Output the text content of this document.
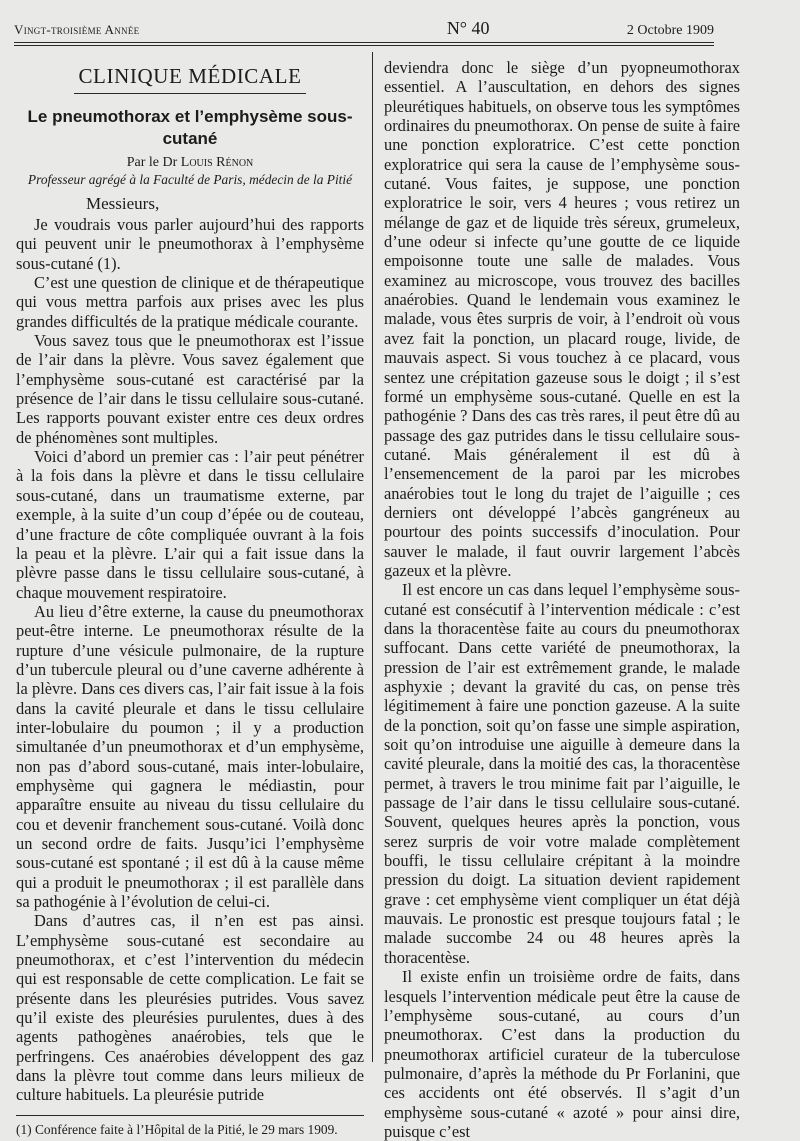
Vingt-troisième Année	N° 40	2 Octobre 1909
CLINIQUE MÉDICALE
Le pneumothorax et l’emphysème sous-cutané
Par le Dr Louis Rénon
Professeur agrégé à la Faculté de Paris, médecin de la Pitié

Messieurs,

Je voudrais vous parler aujourd’hui des rapports qui peuvent unir le pneumothorax à l’emphysème sous-cutané (1).

C’est une question de clinique et de thérapeutique qui vous mettra parfois aux prises avec les plus grandes difficultés de la pratique médicale courante.

Vous savez tous que le pneumothorax est l’issue de l’air dans la plèvre. Vous savez également que l’emphysème sous-cutané est caractérisé par la présence de l’air dans le tissu cellulaire sous-cutané. Les rapports pouvant exister entre ces deux ordres de phénomènes sont multiples.

Voici d’abord un premier cas : l’air peut pénétrer à la fois dans la plèvre et dans le tissu cellulaire sous-cutané, dans un traumatisme externe, par exemple, à la suite d’un coup d’épée ou de couteau, d’une fracture de côte compliquée ouvrant à la fois la peau et la plèvre. L’air qui a fait issue dans la plèvre passe dans le tissu cellulaire sous-cutané, à chaque mouvement respiratoire.

Au lieu d’être externe, la cause du pneumothorax peut-être interne. Le pneumothorax résulte de la rupture d’une vésicule pulmonaire, de la rupture d’un tubercule pleural ou d’une caverne adhérente à la plèvre. Dans ces divers cas, l’air fait issue à la fois dans la cavité pleurale et dans le tissu cellulaire inter-lobulaire du poumon ; il y a production simultanée d’un pneumothorax et d’un emphysème, non pas d’abord sous-cutané, mais inter-lobulaire, emphysème qui gagnera le médiastin, pour apparaître ensuite au niveau du tissu cellulaire du cou et devenir franchement sous-cutané. Voilà donc un second ordre de faits. Jusqu’ici l’emphysème sous-cutané est spontané ; il est dû à la cause même qui a produit le pneumothorax ; il est parallèle dans sa pathogénie à l’évolution de celui-ci.

Dans d’autres cas, il n’en est pas ainsi. L’emphysème sous-cutané est secondaire au pneumothorax, et c’est l’intervention du médecin qui est responsable de cette complication. Le fait se présente dans les pleurésies putrides. Vous savez qu’il existe des pleurésies purulentes, dues à des agents pathogènes anaérobies, tels que le perfringens. Ces anaérobies développent des gaz dans la plèvre tout comme dans leurs milieux de culture habituels. La pleurésie putride

(1) Conférence faite à l’Hôpital de la Pitié, le 29 mars 1909.

deviendra donc le siège d’un pyopneumothorax essentiel. A l’auscultation, en dehors des signes pleurétiques habituels, on observe tous les symptômes ordinaires du pneumothorax. On pense de suite à faire une ponction exploratrice. C’est cette ponction exploratrice qui sera la cause de l’emphysème sous-cutané. Vous faites, je suppose, une ponction exploratrice le soir, vers 4 heures ; vous retirez un mélange de gaz et de liquide très séreux, grumeleux, d’une odeur si infecte qu’une goutte de ce liquide empoisonne toute une salle de malades. Vous examinez au microscope, vous trouvez des bacilles anaérobies. Quand le lendemain vous examinez le malade, vous êtes surpris de voir, à l’endroit où vous avez fait la ponction, un placard rouge, livide, de mauvais aspect. Si vous touchez à ce placard, vous sentez une crépitation gazeuse sous le doigt ; il s’est formé un emphysème sous-cutané. Quelle en est la pathogénie ? Dans des cas très rares, il peut être dû au passage des gaz putrides dans le tissu cellulaire sous-cutané. Mais généralement il est dû à l’ensemencement de la paroi par les microbes anaérobies tout le long du trajet de l’aiguille ; ces derniers ont développé l’abcès gangréneux au pourtour des points successifs d’inoculation. Pour sauver le malade, il faut ouvrir largement l’abcès gazeux et la plèvre.

Il est encore un cas dans lequel l’emphysème sous-cutané est consécutif à l’intervention médicale : c’est dans la thoracentèse faite au cours du pneumothorax suffocant. Dans cette variété de pneumothorax, la pression de l’air est extrêmement grande, le malade asphyxie ; devant la gravité du cas, on pense très légitimement à faire une ponction gazeuse. A la suite de la ponction, soit qu’on fasse une simple aspiration, soit qu’on introduise une aiguille à demeure dans la cavité pleurale, dans la moitié des cas, la thoracentèse permet, à travers le trou minime fait par l’aiguille, le passage de l’air dans le tissu cellulaire sous-cutané. Souvent, quelques heures après la ponction, vous serez surpris de voir votre malade complètement bouffi, le tissu cellulaire crépitant à la moindre pression du doigt. La situation devient rapidement grave : cet emphysème vient compliquer un état déjà mauvais. Le pronostic est presque toujours fatal ; le malade succombe 24 ou 48 heures après la thoracentèse.

Il existe enfin un troisième ordre de faits, dans lesquels l’intervention médicale peut être la cause de l’emphysème sous-cutané, au cours d’un pneumothorax. C’est dans la production du pneumothorax artificiel curateur de la tuberculose pulmonaire, d’après la méthode du Pr Forlanini, que ces accidents ont été observés. Il s’agit d’un emphysème sous-cutané « azoté » pour ainsi dire, puisque c’est
